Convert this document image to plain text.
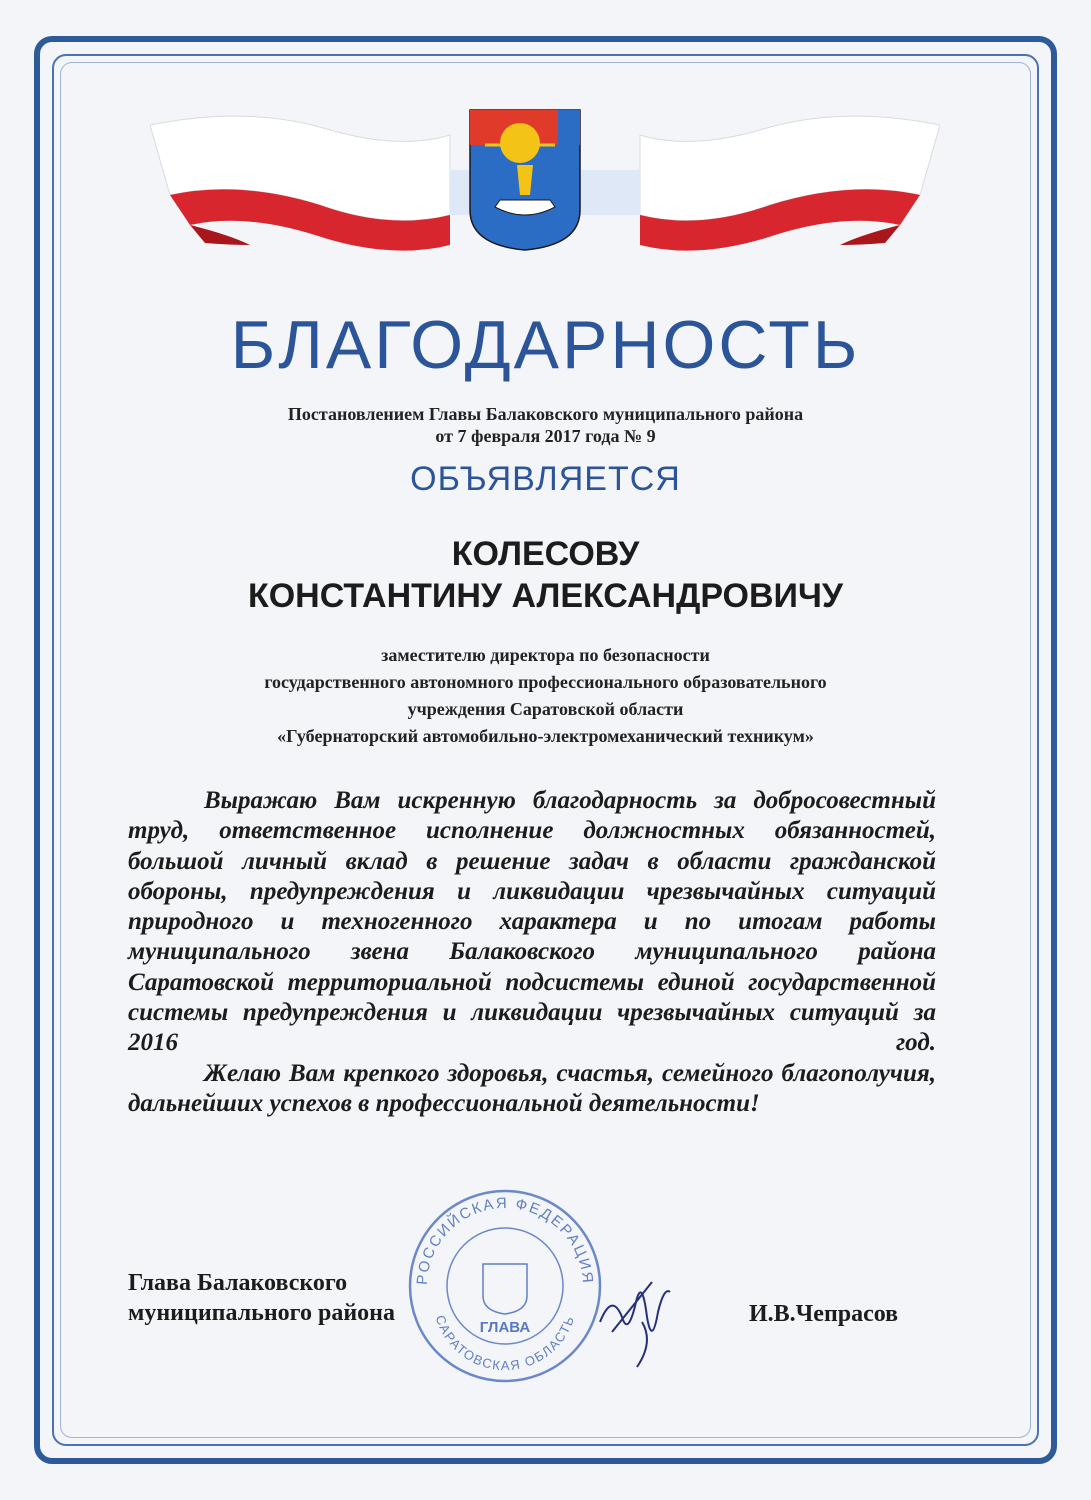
БЛАГОДАРНОСТЬ
Постановлением Главы Балаковского муниципального района
от 7 февраля 2017 года № 9
ОБЪЯВЛЯЕТСЯ
КОЛЕСОВУ
КОНСТАНТИНУ АЛЕКСАНДРОВИЧУ
заместителю директора по безопасности
государственного автономного профессионального образовательного
учреждения Саратовской области
«Губернаторский автомобильно-электромеханический техникум»

Выражаю Вам искренную благодарность за добросовестный труд, ответственное исполнение должностных обязанностей, большой личный вклад в решение задач в области гражданской обороны, предупреждения и ликвидации чрезвычайных ситуаций природного и техногенного характера и по итогам работы муниципального звена Балаковского муниципального района Саратовской территориальной подсистемы единой государственной системы предупреждения и ликвидации чрезвычайных ситуаций за 2016 год.

Желаю Вам крепкого здоровья, счастья, семейного благополучия, дальнейших успехов в профессиональной деятельности!

Глава Балаковского
муниципального района
РОССИЙСКАЯ ФЕДЕРАЦИЯ
САРАТОВСКАЯ ОБЛАСТЬ
ГЛАВА
И.В.Чепрасов
